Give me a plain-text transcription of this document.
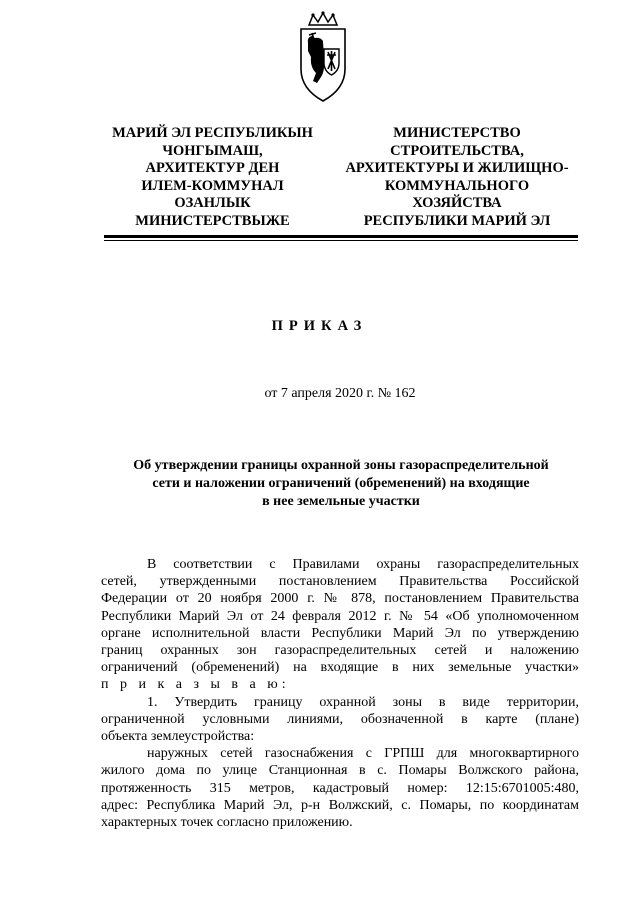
МАРИЙ ЭЛ РЕСПУБЛИКЫН
ЧОНГЫМАШ,
АРХИТЕКТУР ДЕН
ИЛЕМ-КОММУНАЛ
ОЗАНЛЫК
МИНИСТЕРСТВЫЖЕ
МИНИСТЕРСТВО
СТРОИТЕЛЬСТВА,
АРХИТЕКТУРЫ И ЖИЛИЩНО-
КОММУНАЛЬНОГО
ХОЗЯЙСТВА
РЕСПУБЛИКИ МАРИЙ ЭЛ
ПРИКАЗ
от 7 апреля 2020 г. № 162
Об утверждении границы охранной зоны газораспределительной
сети и наложении ограничений (обременений) на входящие
в нее земельные участки
В соответствии с Правилами охраны газораспределительных
сетей, утвержденными постановлением Правительства Российской
Федерации от 20 ноября 2000 г. № 878, постановлением Правительства
Республики Марий Эл от 24 февраля 2012 г. № 54 «Об уполномоченном
органе исполнительной власти Республики Марий Эл по утверждению
границ охранных зон газораспределительных сетей и наложению
ограничений (обременений) на входящие в них земельные участки»
п р и к а з ы в а ю:
1. Утвердить границу охранной зоны в виде территории,
ограниченной условными линиями, обозначенной в карте (плане)
объекта землеустройства:
наружных сетей газоснабжения с ГРПШ для многоквартирного
жилого дома по улице Станционная в с. Помары Волжского района,
протяженность 315 метров, кадастровый номер: 12:15:6701005:480,
адрес: Республика Марий Эл, р-н Волжский, с. Помары, по координатам
характерных точек согласно приложению.
